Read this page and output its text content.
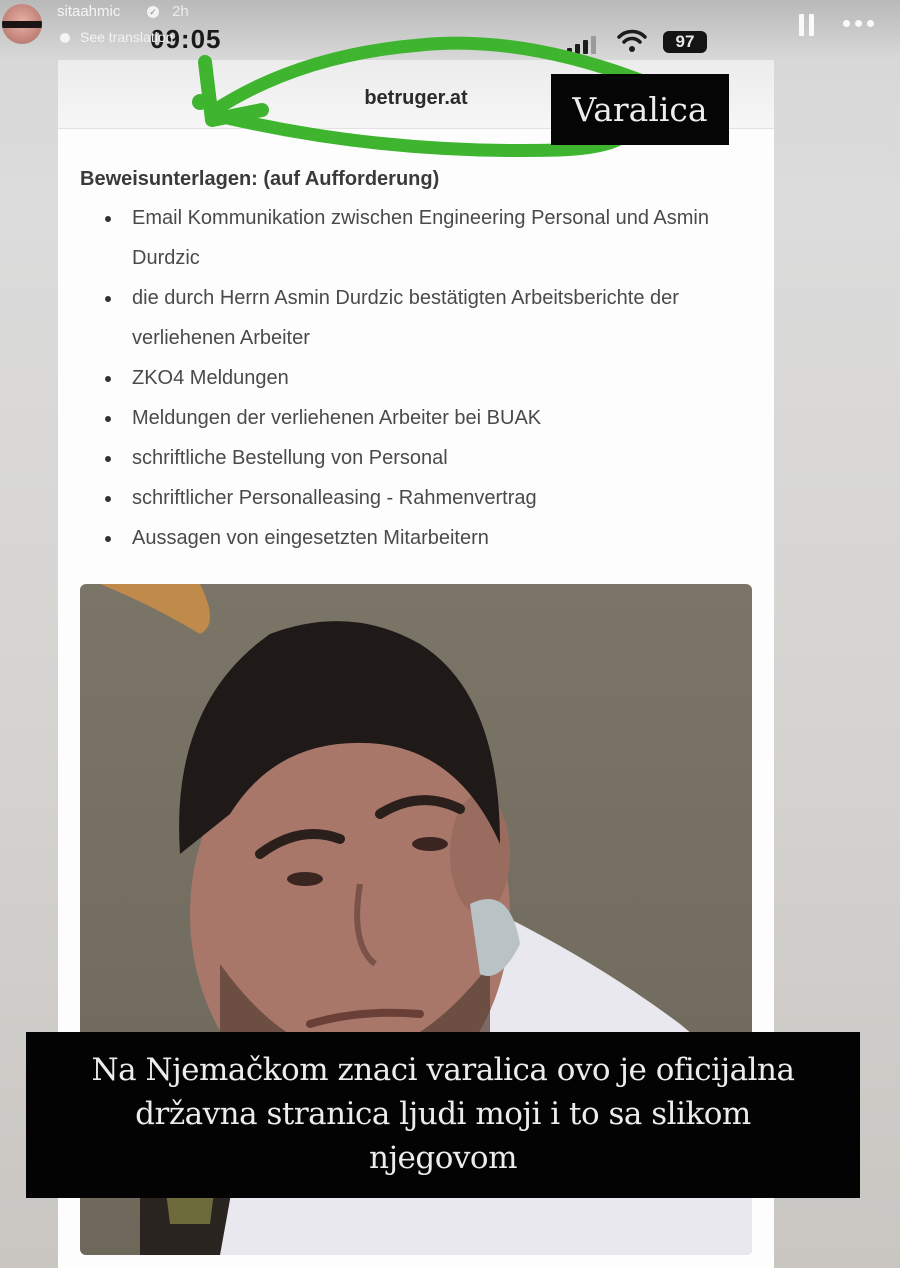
sitaahmic	✓ 2h
See translation
09:05	97
betruger.at
Beweisunterlagen: (auf Aufforderung)
Email Kommunikation zwischen Engineering Personal und Asmin Durdzic
die durch Herrn Asmin Durdzic bestätigten Arbeitsberichte der verliehenen Arbeiter
ZKO4 Meldungen
Meldungen der verliehenen Arbeiter bei BUAK
schriftliche Bestellung von Personal
schriftlicher Personalleasing - Rahmenvertrag
Aussagen von eingesetzten Mitarbeitern
Varalica
Na Njemačkom znaci varalica ovo je oficijalna
državna stranica ljudi moji i to sa slikom
njegovom
